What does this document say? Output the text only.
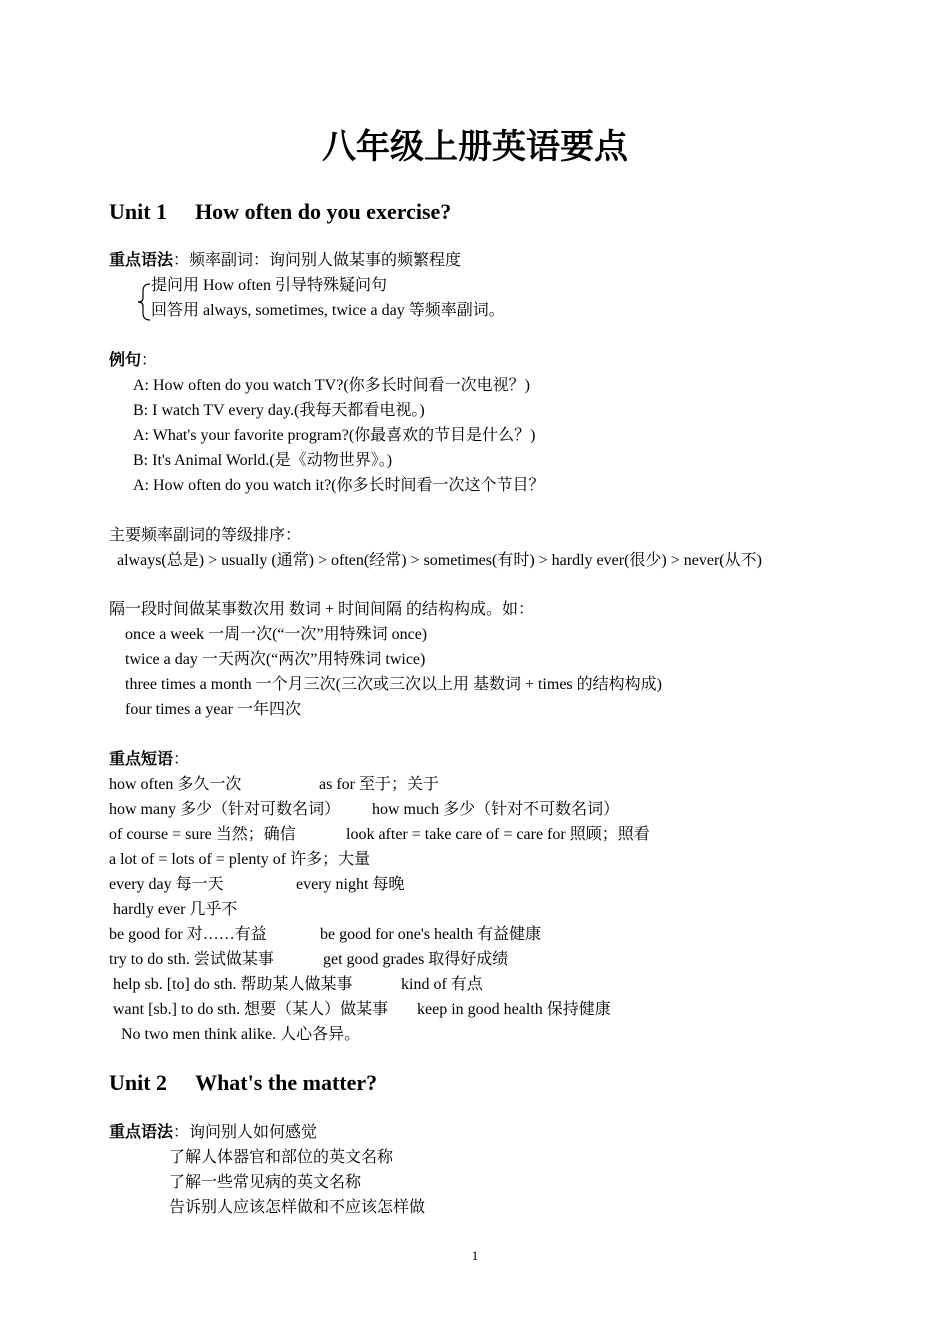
八年级上册英语要点
Unit 1 How often do you exercise?
重点语法：频率副词：询问别人做某事的频繁程度
提问用 How often 引导特殊疑问句
回答用 always, sometimes, twice a day 等频率副词。
例句：
A: How often do you watch TV?(你多长时间看一次电视？)
B: I watch TV every day.(我每天都看电视。)
A: What's your favorite program?(你最喜欢的节目是什么？)
B: It's Animal World.(是《动物世界》。)
A: How often do you watch it?(你多长时间看一次这个节目？
主要频率副词的等级排序：
always(总是) > usually (通常) > often(经常) > sometimes(有时) > hardly ever(很少) > never(从不)
隔一段时间做某事数次用 数词 + 时间间隔 的结构构成。如：
once a week 一周一次(“一次”用特殊词 once)
twice a day 一天两次(“两次”用特殊词 twice)
three times a month 一个月三次(三次或三次以上用 基数词 + times 的结构构成)
four times a year 一年四次
重点短语：
how often 多久一次	as for 至于；关于
how many 多少（针对可数名词） how much 多少（针对不可数名词）
of course = sure 当然；确信	look after = take care of = care for 照顾；照看
a lot of = lots of = plenty of 许多；大量
every day 每一天	every night 每晚
hardly ever 几乎不
be good for 对……有益	be good for one's health 有益健康
try to do sth. 尝试做某事	get good grades 取得好成绩
help sb. [to] do sth. 帮助某人做某事	kind of 有点
want [sb.] to do sth. 想要（某人）做某事 keep in good health 保持健康
No two men think alike. 人心各异。
Unit 2 What's the matter?
重点语法：询问别人如何感觉
了解人体器官和部位的英文名称
了解一些常见病的英文名称
告诉别人应该怎样做和不应该怎样做
1
